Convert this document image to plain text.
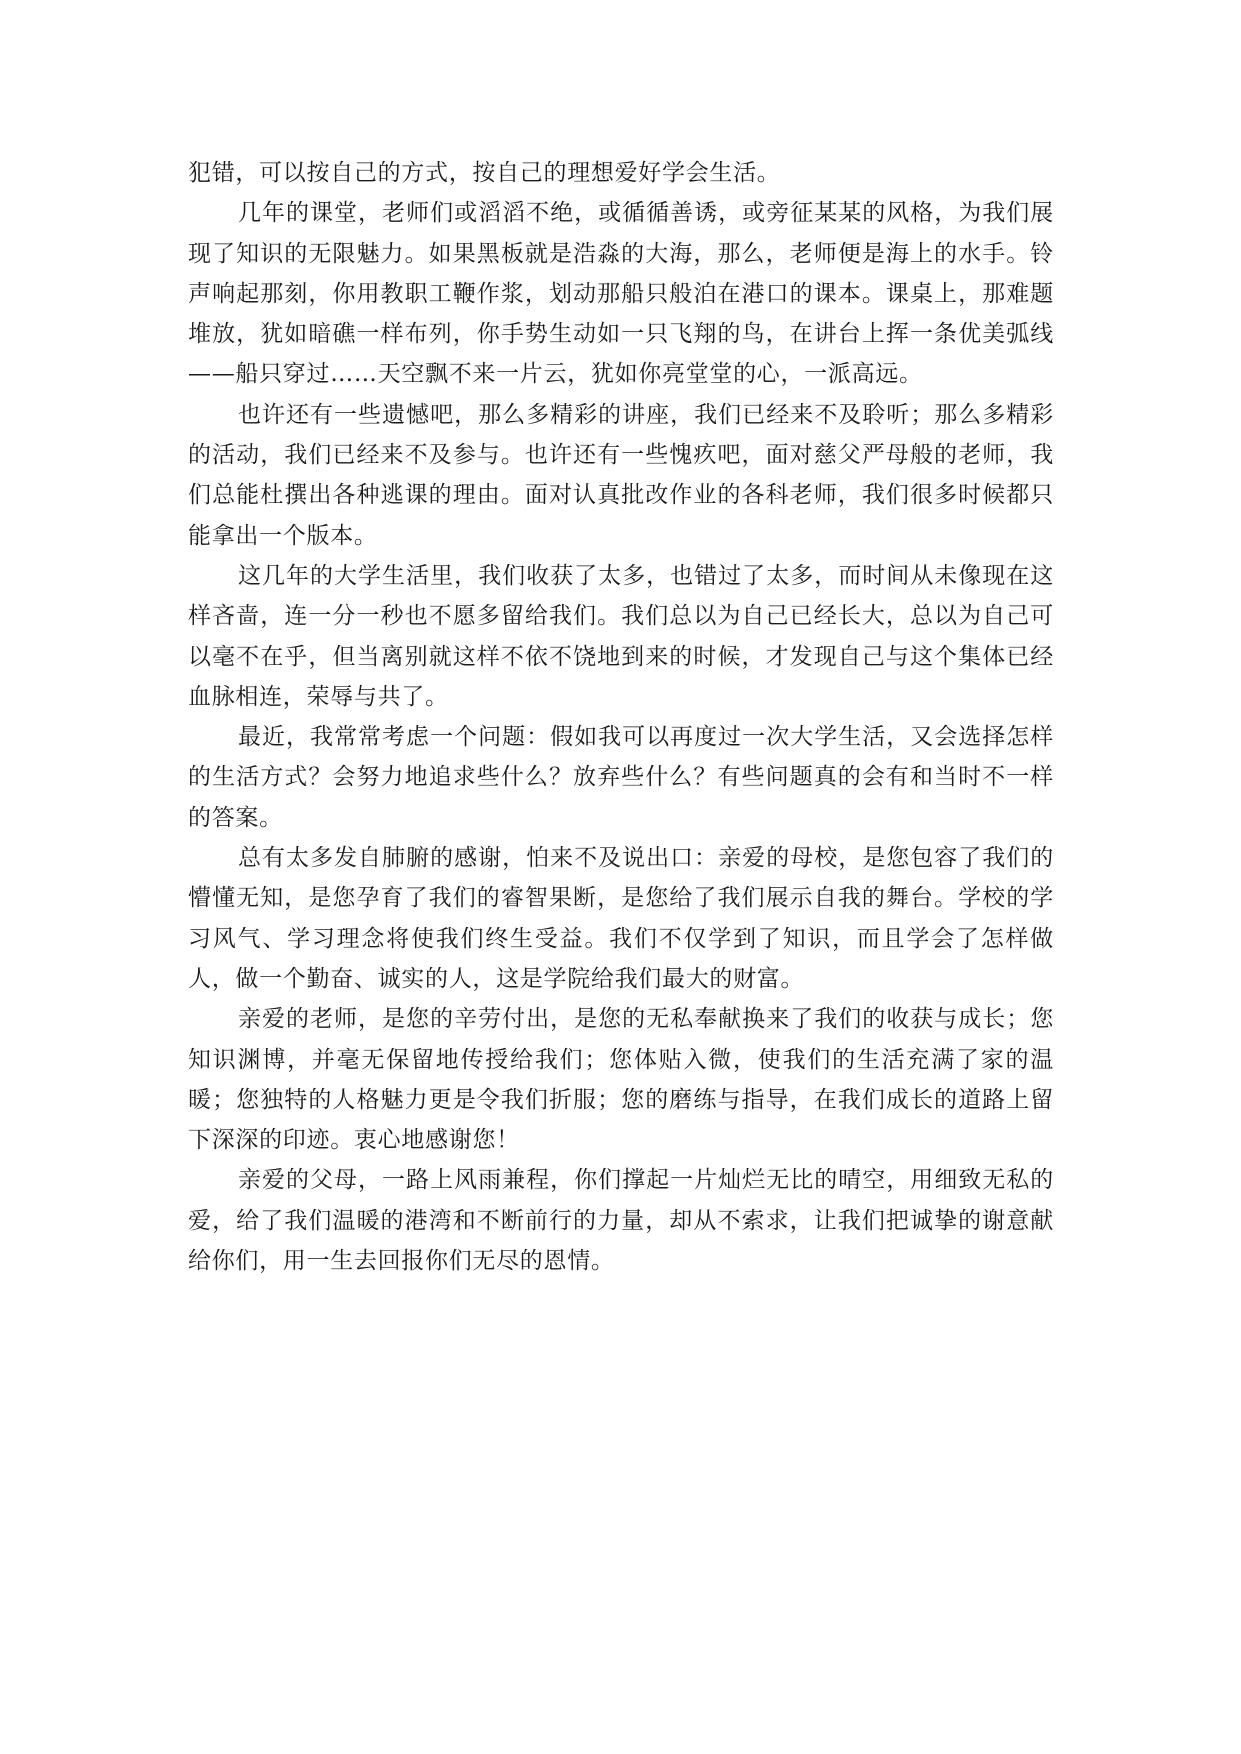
犯错，可以按自己的方式，按自己的理想爱好学会生活。

几年的课堂，老师们或滔滔不绝，或循循善诱，或旁征某某的风格，为我们展现了知识的无限魅力。如果黑板就是浩淼的大海，那么，老师便是海上的水手。铃声响起那刻，你用教职工鞭作浆，划动那船只般泊在港口的课本。课桌上，那难题堆放，犹如暗礁一样布列，你手势生动如一只飞翔的鸟，在讲台上挥一条优美弧线——船只穿过……天空飘不来一片云，犹如你亮堂堂的心，一派高远。

也许还有一些遗憾吧，那么多精彩的讲座，我们已经来不及聆听；那么多精彩的活动，我们已经来不及参与。也许还有一些愧疚吧，面对慈父严母般的老师，我们总能杜撰出各种逃课的理由。面对认真批改作业的各科老师，我们很多时候都只能拿出一个版本。

这几年的大学生活里，我们收获了太多，也错过了太多，而时间从未像现在这样吝啬，连一分一秒也不愿多留给我们。我们总以为自己已经长大，总以为自己可以毫不在乎，但当离别就这样不依不饶地到来的时候，才发现自己与这个集体已经血脉相连，荣辱与共了。

最近，我常常考虑一个问题：假如我可以再度过一次大学生活，又会选择怎样的生活方式？会努力地追求些什么？放弃些什么？有些问题真的会有和当时不一样的答案。

总有太多发自肺腑的感谢，怕来不及说出口：亲爱的母校，是您包容了我们的懵懂无知，是您孕育了我们的睿智果断，是您给了我们展示自我的舞台。学校的学习风气、学习理念将使我们终生受益。我们不仅学到了知识，而且学会了怎样做人，做一个勤奋、诚实的人，这是学院给我们最大的财富。

亲爱的老师，是您的辛劳付出，是您的无私奉献换来了我们的收获与成长；您知识渊博，并毫无保留地传授给我们；您体贴入微，使我们的生活充满了家的温暖；您独特的人格魅力更是令我们折服；您的磨练与指导，在我们成长的道路上留下深深的印迹。衷心地感谢您！

亲爱的父母，一路上风雨兼程，你们撑起一片灿烂无比的晴空，用细致无私的爱，给了我们温暖的港湾和不断前行的力量，却从不索求，让我们把诚挚的谢意献给你们，用一生去回报你们无尽的恩情。
